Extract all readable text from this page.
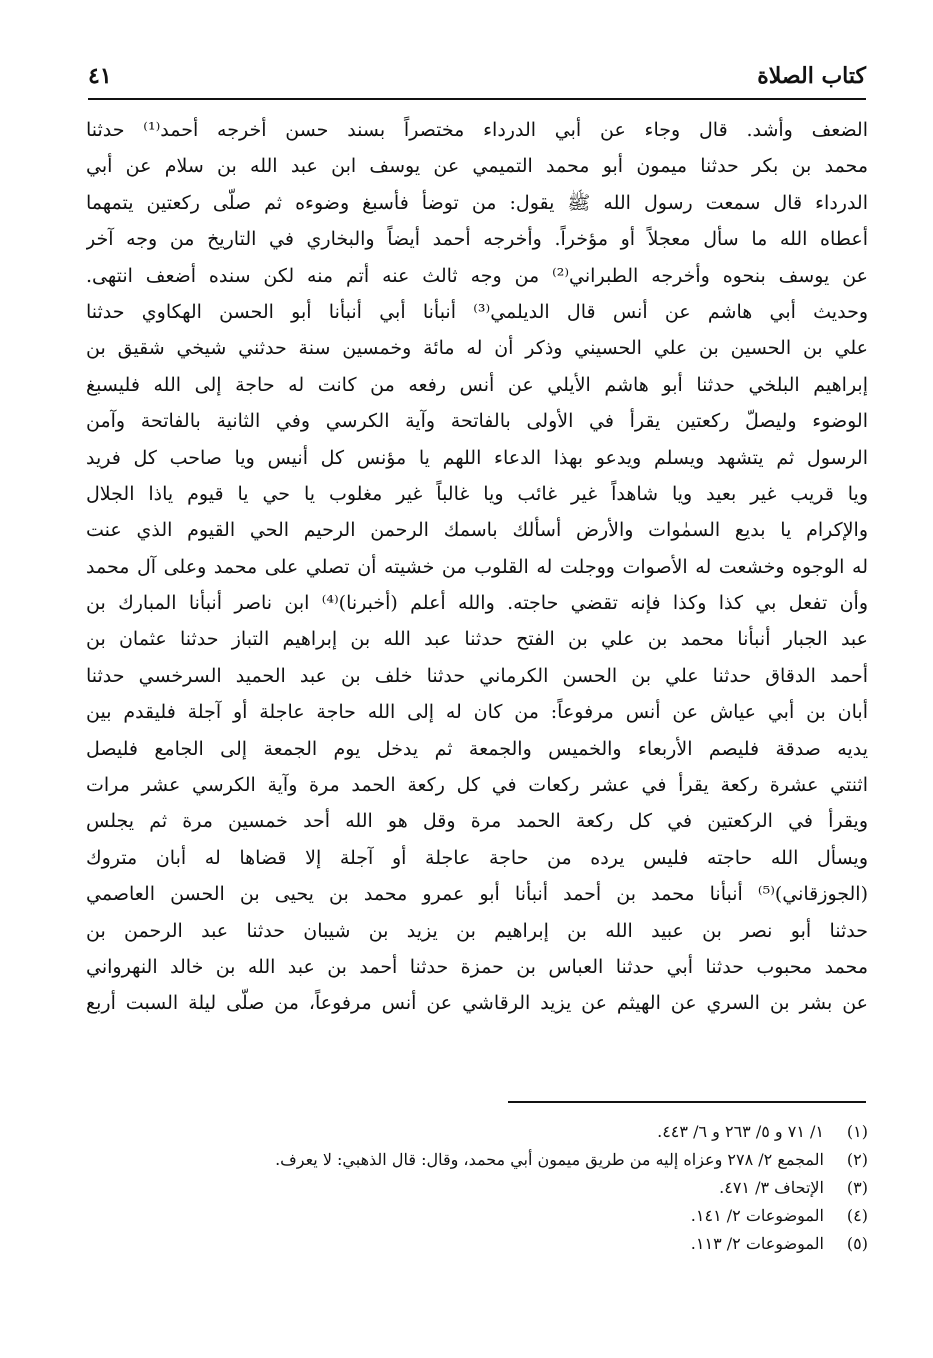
كتاب الصلاة
٤١
الضعف وأشد. قال وجاء عن أبي الدرداء مختصراً بسند حسن أخرجه أحمد⁽¹⁾ حدثنا
محمد بن بكر حدثنا ميمون أبو محمد التميمي عن يوسف ابن عبد الله بن سلام عن أبي
الدرداء قال سمعت رسول الله ﷺ يقول: من توضأ فأسبغ وضوءه ثم صلّى ركعتين يتمهما
أعطاه الله ما سأل معجلاً أو مؤخراً. وأخرجه أحمد أيضاً والبخاري في التاريخ من وجه آخر
عن يوسف بنحوه وأخرجه الطبراني⁽²⁾ من وجه ثالث عنه أتم منه لكن سنده أضعف انتهى.
وحديث أبي هاشم عن أنس قال الديلمي⁽³⁾ أنبأنا أبي أنبأنا أبو الحسن الهكاوي حدثنا
علي بن الحسين بن علي الحسيني وذكر أن له مائة وخمسين سنة حدثني شيخي شقيق بن
إبراهيم البلخي حدثنا أبو هاشم الأيلي عن أنس رفعه من كانت له حاجة إلى الله فليسبغ
الوضوء وليصلّ ركعتين يقرأ في الأولى بالفاتحة وآية الكرسي وفي الثانية بالفاتحة وآمن
الرسول ثم يتشهد ويسلم ويدعو بهذا الدعاء اللهم يا مؤنس كل أنيس ويا صاحب كل فريد
ويا قريب غير بعيد ويا شاهداً غير غائب ويا غالباً غير مغلوب يا حي يا قيوم ياذا الجلال
والإكرام يا بديع السمٰوات والأرض أسألك باسمك الرحمن الرحيم الحي القيوم الذي عنت
له الوجوه وخشعت له الأصوات ووجلت له القلوب من خشيته أن تصلي على محمد وعلى آل محمد
وأن تفعل بي كذا وكذا فإنه تقضي حاجته. والله أعلم (أخبرنا)⁽⁴⁾ ابن ناصر أنبأنا المبارك بن
عبد الجبار أنبأنا محمد بن علي بن الفتح حدثنا عبد الله بن إبراهيم التباز حدثنا عثمان بن
أحمد الدقاق حدثنا علي بن الحسن الكرماني حدثنا خلف بن عبد الحميد السرخسي حدثنا
أبان بن أبي عياش عن أنس مرفوعاً: من كان له إلى الله حاجة عاجلة أو آجلة فليقدم بين
يديه صدقة فليصم الأربعاء والخميس والجمعة ثم يدخل يوم الجمعة إلى الجامع فليصل
اثنتي عشرة ركعة يقرأ في عشر ركعات في كل ركعة الحمد مرة وآية الكرسي عشر مرات
ويقرأ في الركعتين في كل ركعة الحمد مرة وقل هو الله أحد خمسين مرة ثم يجلس
ويسأل الله حاجته فليس يرده من حاجة عاجلة أو آجلة إلا قضاها له أبان متروك
(الجوزقاني)⁽⁵⁾ أنبأنا محمد بن أحمد أنبأنا أبو عمرو محمد بن يحيى بن الحسن العاصمي
حدثنا أبو نصر بن عبيد الله بن إبراهيم بن يزيد بن شيبان حدثنا عبد الرحمن بن
محمد محبوب حدثنا أبي حدثنا العباس بن حمزة حدثنا أحمد بن عبد الله بن خالد النهرواني
عن بشر بن السري عن الهيثم عن يزيد الرقاشي عن أنس مرفوعاً، من صلّى ليلة السبت أربع
(١)١/ ٧١ و ٥/ ٢٦٣ و ٦/ ٤٤٣.
(٢)المجمع ٢/ ٢٧٨ وعزاه إليه من طريق ميمون أبي محمد، وقال: قال الذهبي: لا يعرف.
(٣)الإتحاف ٣/ ٤٧١.
(٤)الموضوعات ٢/ ١٤١.
(٥)الموضوعات ٢/ ١١٣.
